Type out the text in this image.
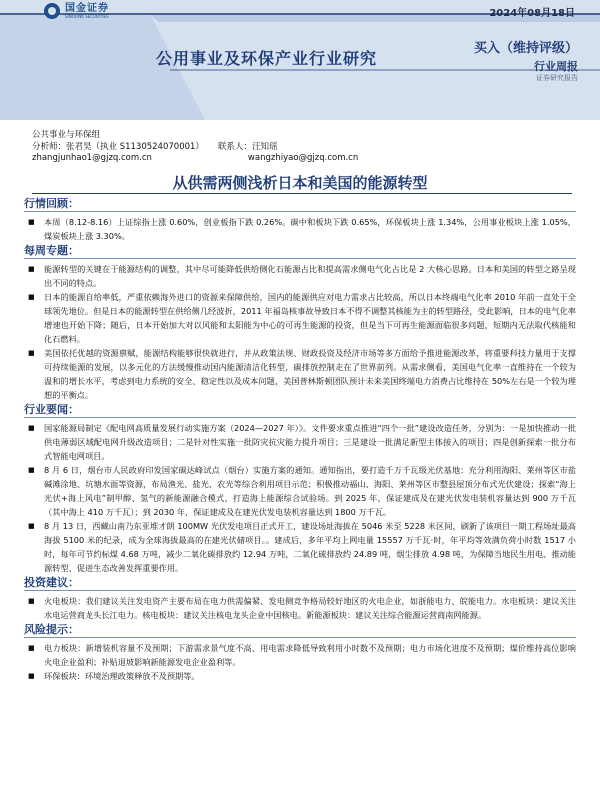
国金证券
SINOLINK SECURITIES	2024年08月18日
公用事业及环保产业行业研究
买入（维持评级）
行业周报
证券研究报告
公共事业与环保组
分析师：张君昊（执业 S1130524070001） 联系人：汪知瑶
zhangjunhao1@gjzq.com.cn	wangzhiyao@gjzq.com.cn
从供需两侧浅析日本和美国的能源转型
行情回顾：
■	本周（8.12-8.16）上证综指上涨 0.60%，创业板指下跌 0.26%。碳中和板块下跌 0.65%，环保板块上涨 1.34%，公用事业板块上涨 1.05%，煤炭板块上涨 3.30%。
每周专题：
■	能源转型的关键在于能源结构的调整，其中尽可能降低供给侧化石能源占比和提高需求侧电气化占比是 2 大核心思路。日本和美国的转型之路呈现出不同的特点。
■	日本的能源自给率低，严重依赖海外进口的资源来保障供给，国内的能源供应对电力需求占比较高，所以日本终端电气化率 2010 年前一直处于全球领先地位。但是日本的能源转型在供给侧几经波折，2011 年福岛核事故导致日本不得不调整其核能为主的转型路径，受此影响，日本的电气化率增速也开始下降；随后，日本开始加大对以风能和太阳能为中心的可再生能源的投资，但是当下可再生能源面临很多问题，短期内无法取代核能和化石燃料。
■	美国依托优越的资源禀赋，能源结构能够很快就进行，并从政策法规、财政投资及经济市场等多方面给予推进能源改革，将重要科技力量用于支撑可持续能源的发展，以多元化的方法缓慢推动国内能源清洁化转型，碳排放控制走在了世界前列。从需求侧看，美国电气化率一直维持在一个较为温和的增长水平，考虑到电力系统的安全、稳定性以及成本问题，美国普林斯顿团队预计未来美国终端电力消费占比维持在 50%左右是一个较为理想的平衡点。
行业要闻：
■	国家能源局制定《配电网高质量发展行动实施方案（2024—2027 年）》。文件要求重点推进“四个一批”建设改造任务，分别为：一是加快推动一批供电薄弱区域配电网升级改造项目；二是针对性实施一批防灾抗灾能力提升项目；三是建设一批满足新型主体接入的项目；四是创新探索一批分布式智能电网项目。
■	8 月 6 日，烟台市人民政府印发国家碳达峰试点（烟台）实施方案的通知。通知指出，要打造千万千瓦级光伏基地：充分利用海阳、莱州等区市盐碱滩涂地、坑塘水面等资源，布局渔光、盐光、农光等综合利用项目示范；积极推动福山、海阳、莱州等区市整县屋顶分布式光伏建设；探索“海上光伏+海上风电”制甲醇、氢气的新能源融合模式，打造海上能源综合试验场。到 2025 年，保证建成及在建光伏发电装机容量达到 900 万千瓦（其中海上 410 万千瓦）；到 2030 年，保证建成及在建光伏发电装机容量达到 1800 万千瓦。
■	8 月 13 日，西藏山南乃东亚堆才朗 100MW 光伏发电项目正式开工，建设场址海拔在 5046 米至 5228 米区间，刷新了该项目一期工程场址最高海拔 5100 米的纪录，成为全球海拔最高的在建光伏储项目。。建成后，多年平均上网电量 15557 万千瓦·时，年平均等效满负荷小时数 1517 小时，每年可节约标煤 4.68 万吨，减少二氧化碳排放约 12.94 万吨，二氧化硫排放约 24.89 吨，烟尘排放 4.98 吨，为保障当地民生用电、推动能源转型、促进生态改善发挥重要作用。
投资建议：
■	火电板块：我们建议关注发电资产主要布局在电力供需偏紧、发电侧竞争格局较好地区的火电企业，如浙能电力、皖能电力。水电板块：建议关注水电运营商龙头长江电力。核电板块：建议关注核电龙头企业中国核电。新能源板块：建议关注综合能源运营商南网能源。
风险提示：
■	电力板块：新增装机容量不及预期；下游需求景气度不高、用电需求降低导致利用小时数不及预期；电力市场化进度不及预期；煤价维持高位影响火电企业盈利；补贴退坡影响新能源发电企业盈利等。
■	环保板块：环境治理政策释放不及预期等。
